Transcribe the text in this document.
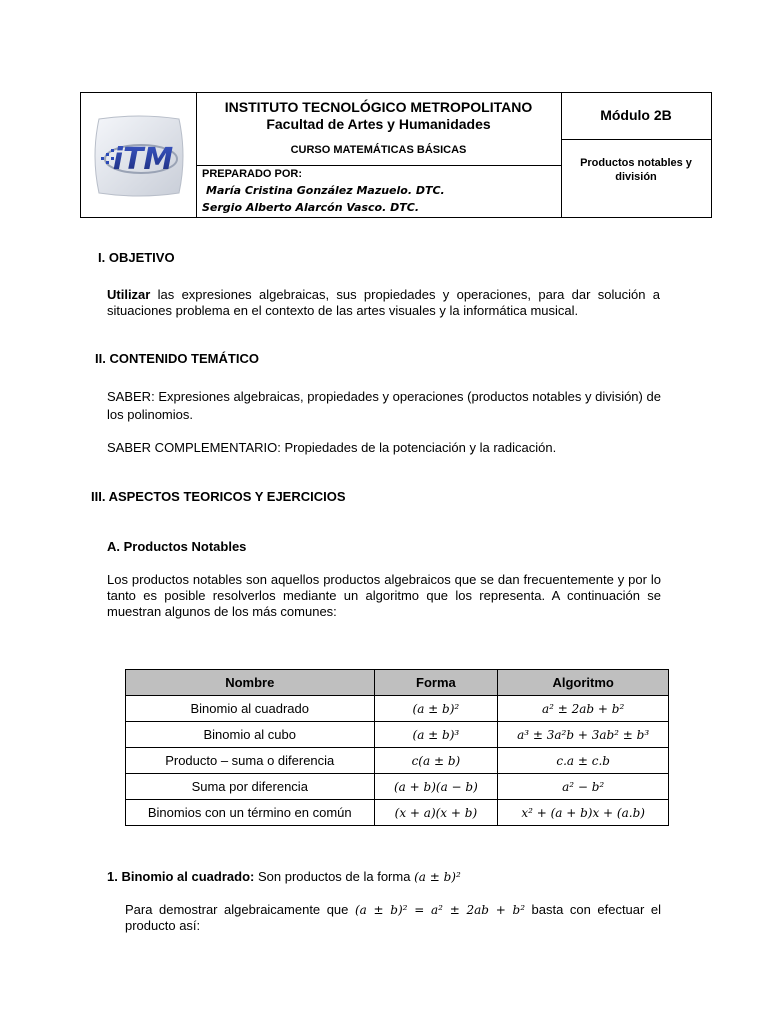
iTM
INSTITUTO TECNOLÓGICO METROPOLITANO
Facultad de Artes y Humanidades
CURSO MATEMÁTICAS BÁSICAS
PREPARADO POR:
María Cristina González Mazuelo. DTC.
Sergio Alberto Alarcón Vasco. DTC.
Módulo 2B
Productos notables y división
I. OBJETIVO
Utilizar las expresiones algebraicas, sus propiedades y operaciones, para dar solución a situaciones problema en el contexto de las artes visuales y la informática musical.
II. CONTENIDO TEMÁTICO
SABER: Expresiones algebraicas, propiedades y operaciones (productos notables y división) de los polinomios.
SABER COMPLEMENTARIO: Propiedades de la potenciación y la radicación.
III. ASPECTOS TEORICOS Y EJERCICIOS
A. Productos Notables
Los productos notables son aquellos productos algebraicos que se dan frecuentemente y por lo tanto es posible resolverlos mediante un algoritmo que los representa. A continuación se muestran algunos de los más comunes:
Nombre	Forma	Algoritmo
Binomio al cuadrado	(a ± b)²	a² ± 2ab + b²
Binomio al cubo	(a ± b)³	a³ ± 3a²b + 3ab² ± b³
Producto – suma o diferencia	c(a ± b)	c.a ± c.b
Suma por diferencia	(a + b)(a − b)	a² − b²
Binomios con un término en común	(x + a)(x + b)	x² + (a + b)x + (a.b)
1. Binomio al cuadrado: Son productos de la forma (a ± b)²
Para demostrar algebraicamente que (a ± b)² = a² ± 2ab + b² basta con efectuar el producto así:
